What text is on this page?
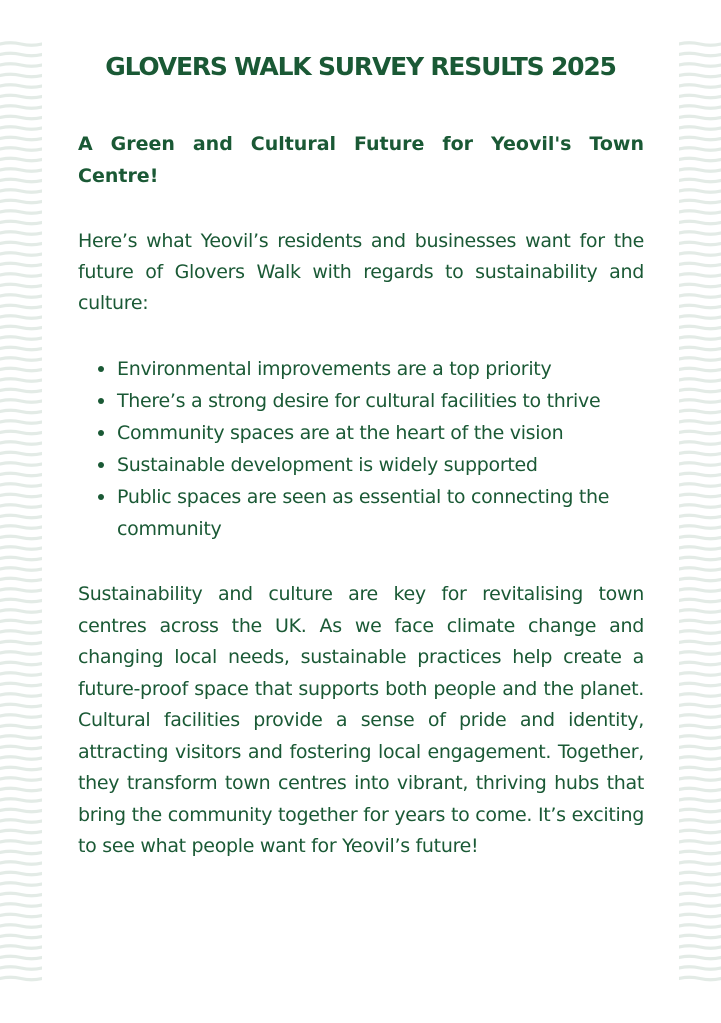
GLOVERS WALK SURVEY RESULTS 2025

A Green and Cultural Future for Yeovil's Town Centre!

Here’s what Yeovil’s residents and businesses want for the future of Glovers Walk with regards to sustainability and culture:

Environmental improvements are a top priority
There’s a strong desire for cultural facilities to thrive
Community spaces are at the heart of the vision
Sustainable development is widely supported
Public spaces are seen as essential to connecting the community

Sustainability and culture are key for revitalising town centres across the UK. As we face climate change and changing local needs, sustainable practices help create a future-proof space that supports both people and the planet. Cultural facilities provide a sense of pride and identity, attracting visitors and fostering local engagement. Together, they transform town centres into vibrant, thriving hubs that bring the community together for years to come. It’s exciting to see what people want for Yeovil’s future!
